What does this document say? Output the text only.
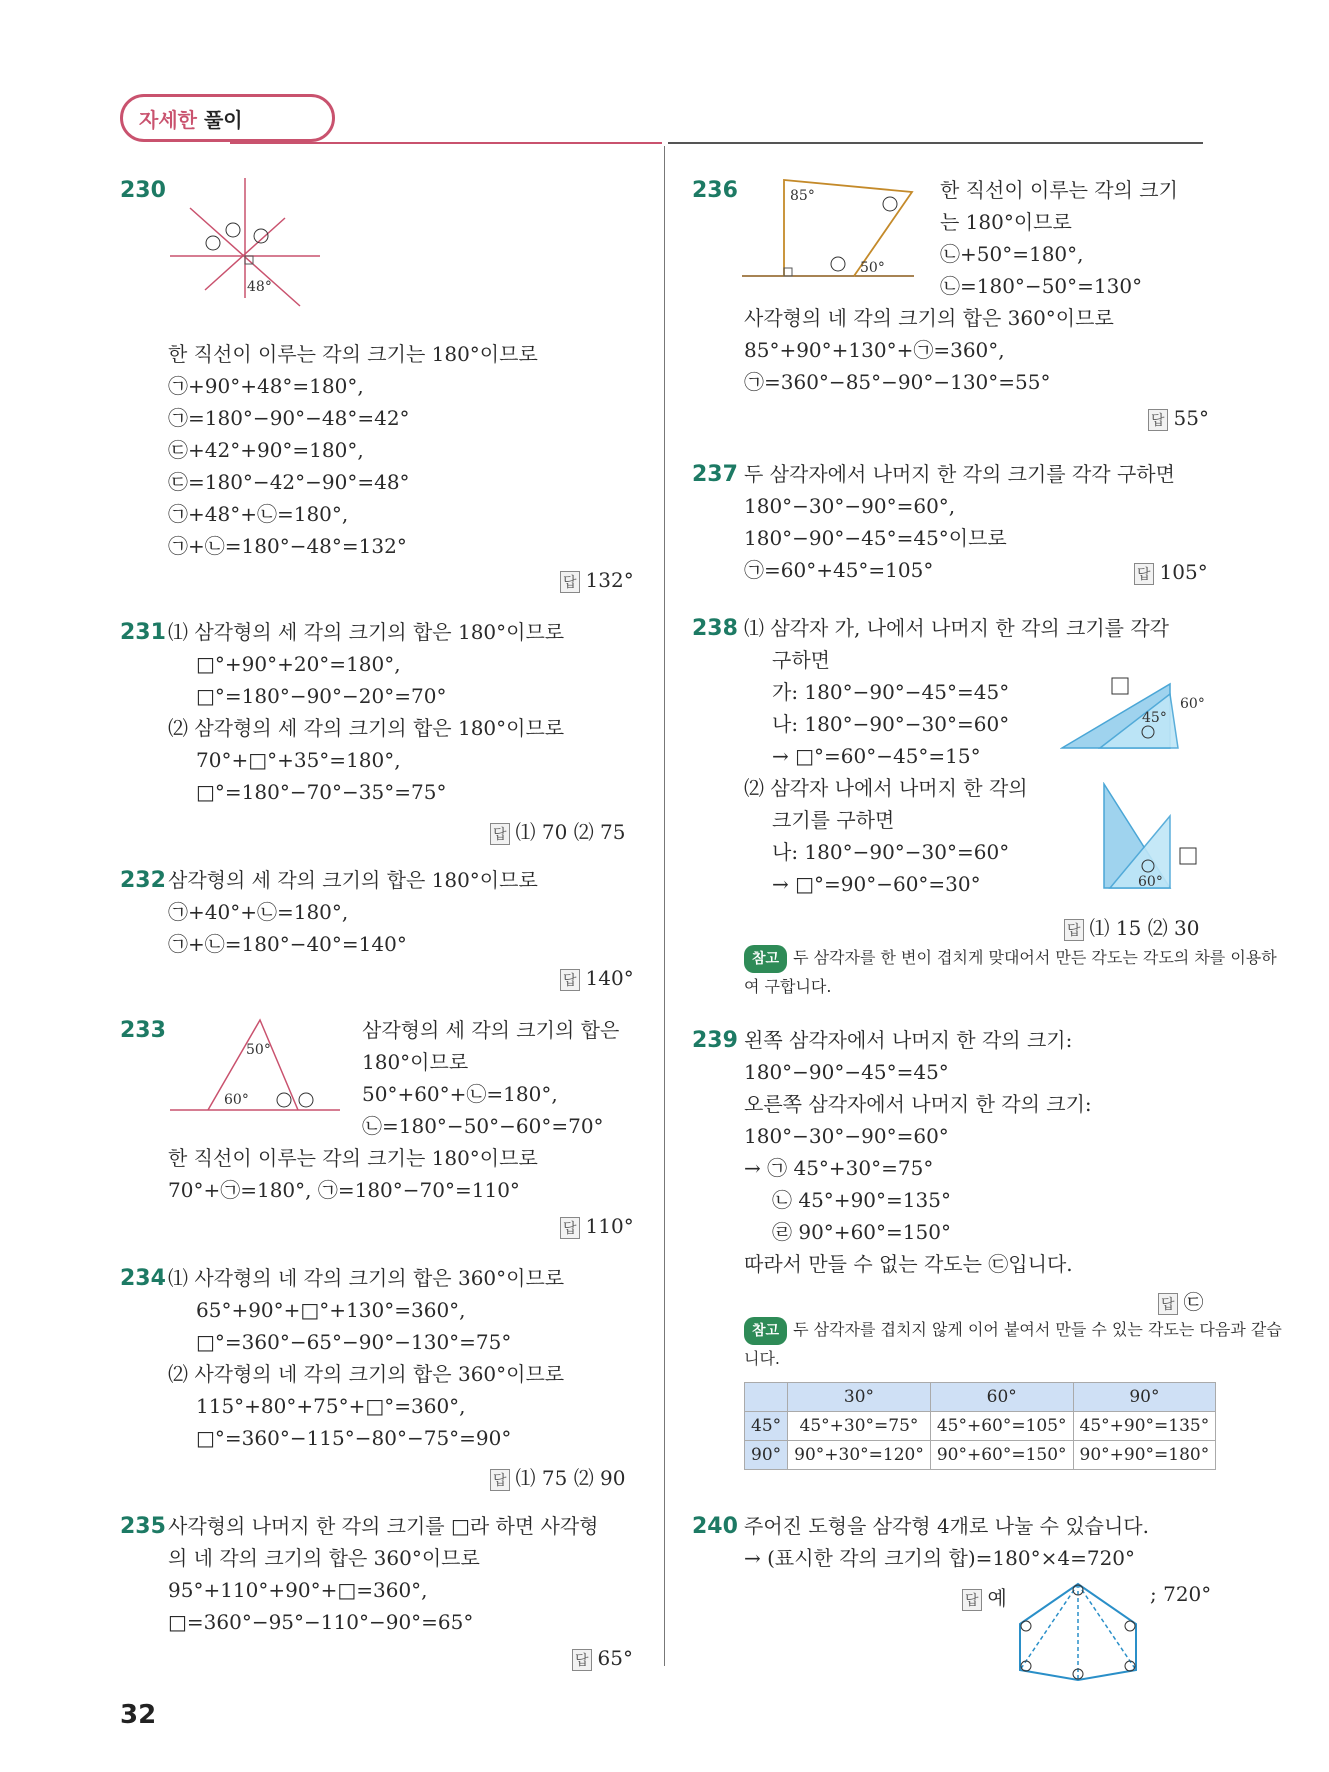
자세한 풀이
230
48°
한 직선이 이루는 각의 크기는 180°이므로
㉠+90°+48°=180°,
㉠=180°−90°−48°=42°
㉢+42°+90°=180°,
㉢=180°−42°−90°=48°
㉠+48°+㉡=180°,
㉠+㉡=180°−48°=132°
답 132°
231 ⑴ 삼각형의 세 각의 크기의 합은 180°이므로
□°+90°+20°=180°,
□°=180°−90°−20°=70°
⑵ 삼각형의 세 각의 크기의 합은 180°이므로
70°+□°+35°=180°,
□°=180°−70°−35°=75°
답 ⑴ 70 ⑵ 75
232 삼각형의 세 각의 크기의 합은 180°이므로
㉠+40°+㉡=180°,
㉠+㉡=180°−40°=140°
답 140°
233
50°
60°
삼각형의 세 각의 크기의 합은
180°이므로
50°+60°+㉡=180°,
㉡=180°−50°−60°=70°
한 직선이 이루는 각의 크기는 180°이므로
70°+㉠=180°, ㉠=180°−70°=110°
답 110°
234 ⑴ 사각형의 네 각의 크기의 합은 360°이므로
65°+90°+□°+130°=360°,
□°=360°−65°−90°−130°=75°
⑵ 사각형의 네 각의 크기의 합은 360°이므로
115°+80°+75°+□°=360°,
□°=360°−115°−80°−75°=90°
답 ⑴ 75 ⑵ 90
235 사각형의 나머지 한 각의 크기를 □라 하면 사각형
의 네 각의 크기의 합은 360°이므로
95°+110°+90°+□=360°,
□=360°−95°−110°−90°=65°
답 65°
32
236	85°
50°
한 직선이 이루는 각의 크기
는 180°이므로
㉡+50°=180°,
㉡=180°−50°=130°
사각형의 네 각의 크기의 합은 360°이므로
85°+90°+130°+㉠=360°,
㉠=360°−85°−90°−130°=55°
답 55°
237 두 삼각자에서 나머지 한 각의 크기를 각각 구하면
180°−30°−90°=60°,
180°−90°−45°=45°이므로
㉠=60°+45°=105°	답 105°
238 ⑴ 삼각자 가, 나에서 나머지 한 각의 크기를 각각
구하면
가: 180°−90°−45°=45°
나: 180°−90°−30°=60°
→ □°=60°−45°=15°
⑵ 삼각자 나에서 나머지 한 각의
크기를 구하면
나: 180°−90°−30°=60°
→ □°=90°−60°=30°
60°
45°
60°
답 ⑴ 15 ⑵ 30
참고 두 삼각자를 한 변이 겹치게 맞대어서 만든 각도는 각도의 차를 이용하여 구합니다.
239 왼쪽 삼각자에서 나머지 한 각의 크기:
180°−90°−45°=45°
오른쪽 삼각자에서 나머지 한 각의 크기:
180°−30°−90°=60°
→ ㉠ 45°+30°=75°
㉡ 45°+90°=135°
㉣ 90°+60°=150°
따라서 만들 수 없는 각도는 ㉢입니다.
답 ㉢
참고 두 삼각자를 겹치지 않게 이어 붙여서 만들 수 있는 각도는 다음과 같습니다.
	30°	60°	90°
45°	45°+30°=75°	45°+60°=105°	45°+90°=135°
90°	90°+30°=120°	90°+60°=150°	90°+90°=180°
240 주어진 도형을 삼각형 4개로 나눌 수 있습니다.
→ (표시한 각의 크기의 합)=180°×4=720°
답 예	; 720°
